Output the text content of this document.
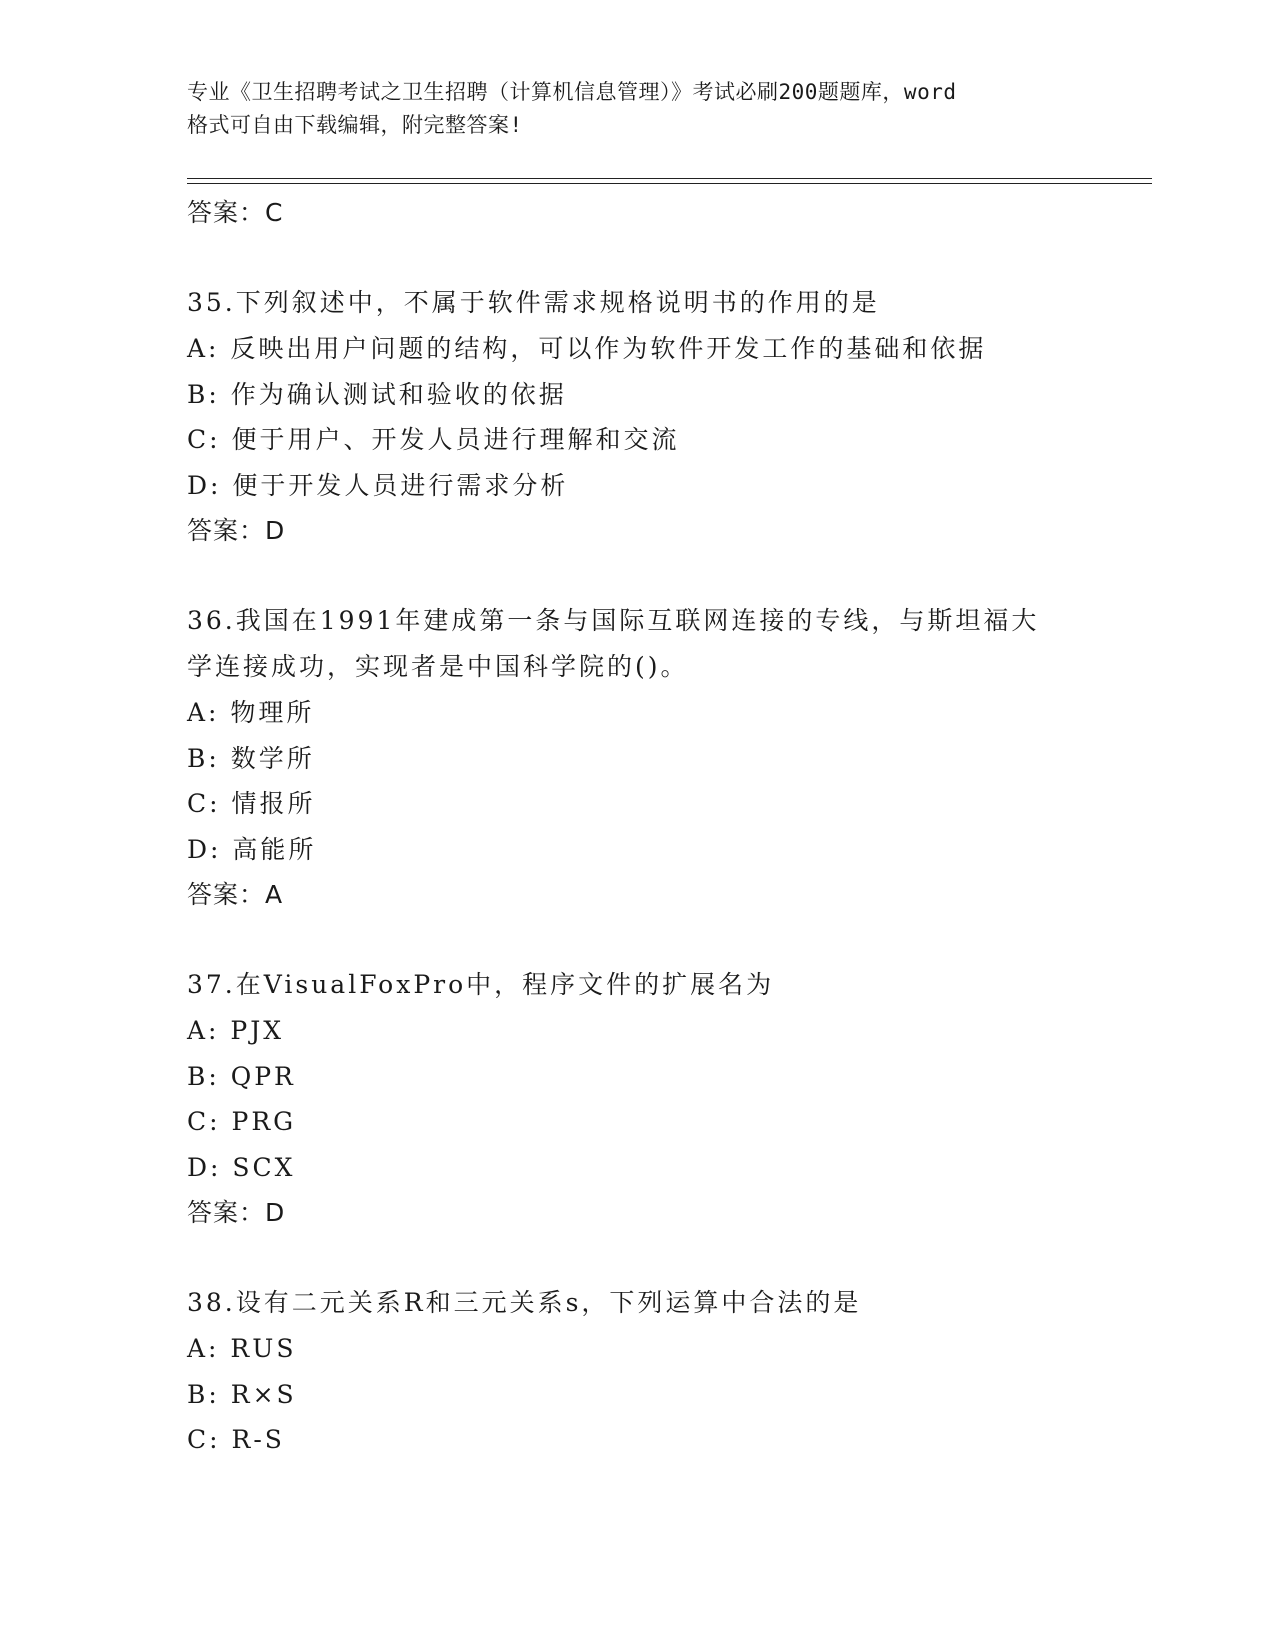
专业《卫生招聘考试之卫生招聘（计算机信息管理）》考试必刷200题题库，word
格式可自由下载编辑，附完整答案!
答案：C
35.下列叙述中，不属于软件需求规格说明书的作用的是
A: 反映出用户问题的结构，可以作为软件开发工作的基础和依据
B: 作为确认测试和验收的依据
C: 便于用户、开发人员进行理解和交流
D: 便于开发人员进行需求分析
答案：D
36.我国在1991年建成第一条与国际互联网连接的专线，与斯坦福大
学连接成功，实现者是中国科学院的()。
A: 物理所
B: 数学所
C: 情报所
D: 高能所
答案：A
37.在VisualFoxPro中，程序文件的扩展名为
A: PJX
B: QPR
C: PRG
D: SCX
答案：D
38.设有二元关系R和三元关系s，下列运算中合法的是
A: RUS
B: R×S
C: R-S
